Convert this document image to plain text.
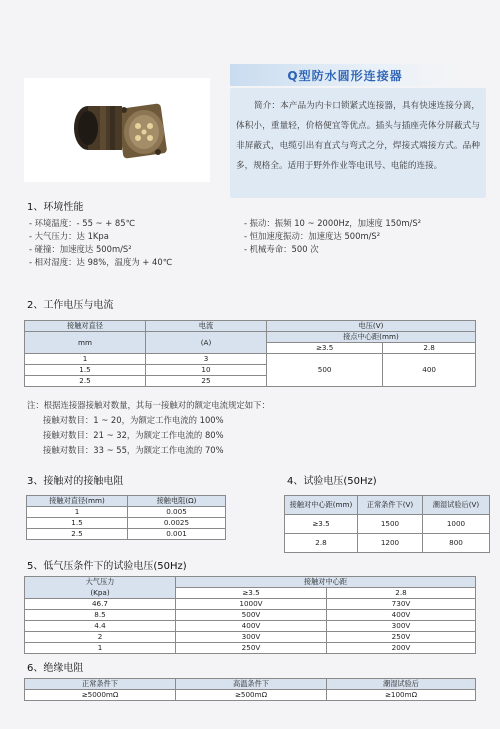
Q型防水圆形连接器
简介：本产品为内卡口锁紧式连接器，具有快速连接分离，体积小，重量轻，价格便宜等优点。插头与插座壳体分屏蔽式与非屏蔽式，电缆引出有直式与弯式之分，焊接式端接方式。品种多，规格全。适用于野外作业等电讯号、电能的连接。
1、环境性能
- 环境温度：- 55 ~ + 85℃
- 大气压力：达 1Kpa
- 碰撞：加速度达 500m/S²
- 相对湿度：达 98%，温度为 + 40℃
- 振动：振频 10 ~ 2000Hz，加速度 150m/S²
- 恒加速度振动：加速度达 500m/S²
- 机械寿命：500 次
2、工作电压与电流
接触对直径	电流	电压(V)	
mm	(A)	接点中心距(mm)	
		≥3.5	2.8
1	3	500	400
1.5	10		
2.5	25		
注：根据连接器接触对数量，其每一接触对的额定电流规定如下：
接触对数目：1 ~ 20，为额定工作电流的 100%
接触对数目：21 ~ 32，为额定工作电流的 80%
接触对数目：33 ~ 55，为额定工作电流的 70%
3、接触对的接触电阻
接触对直径(mm)	接触电阻(Ω)
1	0.005
1.5	0.0025
2.5	0.001
4、试验电压(50Hz)
接触对中心距(mm)	正常条件下(V)	潮湿试验后(V)
≥3.5	1500	1000
2.8	1200	800
5、低气压条件下的试验电压(50Hz)
大气压力	接触对中心距	
(Kpa)	≥3.5	2.8
46.7	1000V	730V
8.5	500V	400V
4.4	400V	300V
2	300V	250V
1	250V	200V
6、绝缘电阻
正常条件下	高温条件下	潮湿试验后
≥5000mΩ	≥500mΩ	≥100mΩ
